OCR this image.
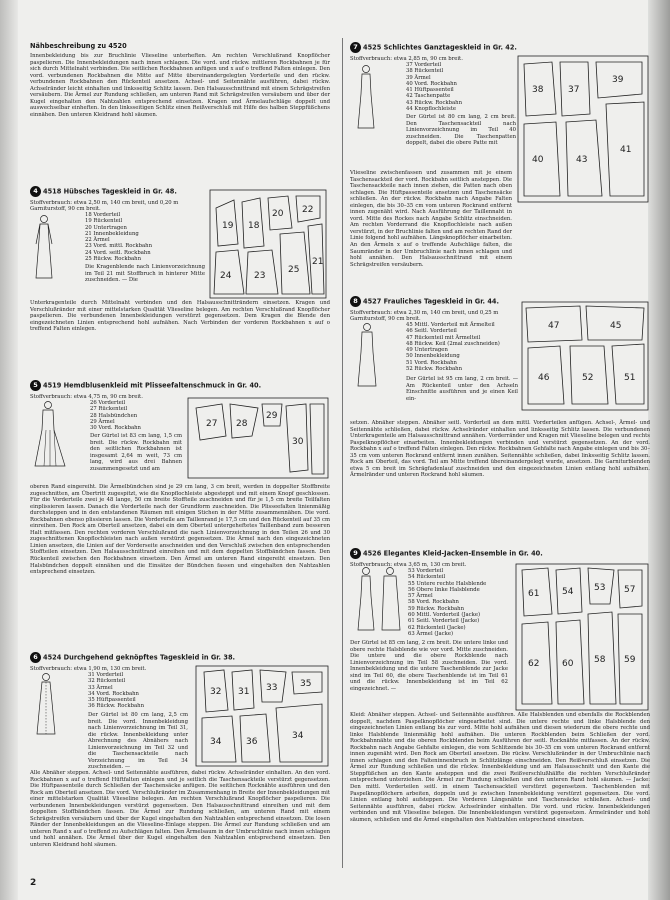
Nähbeschreibung zu 4520

Innenbekleidung bis zur Bruchlinie Vlieseline unterheften. Am rechten Verschlußrand Knopflöcher paspelieren. Die Innenbekleidungen nach innen schlagen. Die vord. und rückw. mittleren Rockbahnen je für sich durch Mittelnaht verbinden. Die seitlichen Rockbahnen anfügen und x auf o treffend Falten einlegen. Den vord. verbundenen Rockbahnen die Mitte auf Mitte übereinandergelegten Vorderteile und den rückw. verbundenen Rockbahnen den Rückenteil ansetzen. Achsel- und Seitennähte ausführen, dabei rückw. Achselränder leicht einhalten und linksseitig Schlitz lassen. Den Halsausschnittrand mit einem Schrägstreifen versäubern. Die Ärmel zur Rundung schließen, am unteren Rand mit Schrägstreifen versäubern und über der Kugel eingehalten den Nahtzahlen entsprechend einsetzen. Kragen und Ärmelaufschläge doppelt und auswechselbar einheften. In den linksseitigen Schlitz einen Reißverschluß mit Hilfe des halben Steppfüßchens einnähen. Den unteren Kleidrand hohl säumen.

4 4518 Hübsches Tageskleid in Gr. 48.

Stoffverbrauch: etwa 2,50 m, 140 cm breit, und 0,20 m Garniturstoff, 90 cm breit.

18 Vorderteil
19 Rückenteil
20 Untertragen
21 Innenbekleidung
22 Ärmel
23 Vord. mittl. Rockbahn
24 Vord. seitl. Rockbahn
25 Rückw. Rockbahn

Die Kragenblende nach Linienvorzeichnung im Teil 21 mit Stoffbruch in hinterer Mitte zuschneiden. — Die

19 18
20 22
24	23
25
21

Unterkragenteile durch Mittelnaht verbinden und den Halsausschnitträndern einsetzen. Kragen und Verschlußränder mit einer mittelstarken Qualität Vlieseline belegen. Am rechten Verschlußrand Knopflöcher paspelieren. Die verbundenen Innenbekleidungen verstürzt gegensetzen. Dem Kragen die Blende den eingezeichneten Linien entsprechend hohl aufnähen. Nach Verbinden der vorderen Rockbahnen x auf o treffend Falten einlegen.

5 4519 Hemdblusenkleid mit Plisseefaltenschmuck in Gr. 40.

Stoffverbrauch: etwa 4,75 m, 90 cm breit.

26 Vorderteil
27 Rückenteil
28 Halsbündchen
29 Ärmel
30 Vord. Rockbahn

Der Gürtel ist 83 cm lang, 1,5 cm breit. Die rückw. Rockbahn mit den seitlichen Rockbahnen ist insgesamt 2,64 m weit, 73 cm lang, wird aus drei Bahnen zusammengesetzt und am

27 28
29
30

oberen Rand eingereiht. Die Ärmelbündchen sind je 29 cm lang, 3 cm breit, werden in doppelter Stoffbreite zugeschnitten, am Übertritt zugespitzt, wie die Knopflochleiste abgesteppt und mit einem Knopf geschlossen. Für die Vorderteile zwei je 48 lange, 50 cm breite Stoffteile zuschneiden und für je 1,5 cm breite Teilfalten einplissieren lassen. Danach die Vorderteile nach der Grundform zuschneiden. Die Plisseefalten linienmäßig durchsteppen und in den entstandenen Räumen mit einigen Stichen in der Mitte zusammennähen. Die vord. Rockbahnen ebenso plissieren lassen. Die Vorderteile am Taillenrand je 17,5 cm und den Rückenteil auf 35 cm einreihen. Den Rock am Oberteil ansetzen, dabei ein dem Oberteil untergeheftetes Taillenband zum besseren Halt mitfassen. Den rechten vorderen Verschlußrand die nach Linienvorzeichnung in den Teilen 26 und 30 zugeschnittenen Knopflochleisten nach außen verstürzt gegensetzen. Die Ärmel nach den eingezeichneten Linien ansetzen, die Linien auf der Vorderseite anschneiden und den Verschluß zwischen den entsprechenden Stoffteilen einsetzen. Den Halsausschnittrand einreihen und mit dem doppelten Stoffbändchen fassen. Den Rückenteil zwischen den Rockbahnen einsetzen. Den Ärmel am unteren Rand eingereiht einsetzen. Den Halsbündchen doppelt einnähen und die Einsätze der Bündchen fassen und eingehalten den Nahtzahlen entsprechend einsetzen.

6 4524 Durchgehend geknöpftes Tageskleid in Gr. 38.

Stoffverbrauch: etwa 1,90 m, 130 cm breit.

31 Vorderteil
32 Rückenteil
33 Ärmel
34 Vord. Rockbahn
35 Hüftpassenteil
36 Rückw. Rockbahn

Der Gürtel ist 80 cm lang, 2,5 cm breit. Die vord. Innenbekleidung nach Linienvorzeichnung im Teil 31, die rückw. Innenbekleidung unter Abrechnung des Abnähers nach Linienvorzeichnung im Teil 32 und die Taschensackteile nach Vorzeichnung im Teil 34 zuschneiden. —

32 31 33	35
34	36
34

Alle Abnäher steppen. Achsel- und Seitennähte ausführen, dabei rückw. Achselränder einhalten. An den vord. Rockbahnen x auf o treffend Hüftfalten einlegen und je seitlich die Taschensackteile verstürzt gegensetzen. Die Hüftpassenteile durch Schließen der Taschensäcke anfügen. Die seitlichen Rocknähte ausführen und den Rock am Oberteil ansetzen. Die vord. Verschlußränder im Zusammenhang in Breite der Innenbekleidungen mit einer mittelstarken Qualität Vlieseline belegen. Am rechten Verschlußrand Knopflöcher paspelieren. Die verbundenen Innenbekleidungen verstürzt gegensetzen. Den Halsausschnittrand einreihen und mit dem doppelten Stoffbändchen fassen. Die Ärmel zur Rundung schließen, am unteren Rand mit einem Schrägstreifen versäubern und über der Kugel eingehalten den Nahtzahlen entsprechend einsetzen. Die losen Ränder der Innenbekleidungen an die Vlieseline-Einlage steppen. Die Ärmel zur Rundung schließen und am unteren Rand x auf o treffend zu Aufschlägen falten. Den Ärmelsaum in der Umbruchlinie nach innen schlagen und hohl annähen. Die Ärmel über der Kugel eingehalten den Nahtzahlen entsprechend einsetzen. Den unteren Kleidrand hohl säumen.

7 4525 Schlichtes Ganztageskleid in Gr. 42.

Stoffverbrauch: etwa 2,85 m, 90 cm breit.

37 Vorderteil
38 Rückenteil
39 Ärmel
40 Vord. Rockbahn
41 Hüftpassenteil
42 Taschenpatte
43 Rückw. Rockbahn
44 Knopflochleiste

Der Gürtel ist 80 cm lang, 2 cm breit. Den Taschensackteil nach Linienvorzeichnung im Teil 40 zuschneiden. Die Taschenpatten doppelt, dabei die obere Patte mit

38	37
39
40	43
41

Vlieseline zwischenfassen und zusammen mit je einem Taschensackteil der vord. Rockbahn seitlich ansteppen. Die Taschensackteile nach innen ziehen, die Patten nach oben schlagen. Die Hüftpassenteile ansetzen und Taschensäcke schließen. An der rückw. Rockbahn nach Angabe Falten einlegen, die bis 30–35 cm vom unteren Rockrand entfernt innen zugenäht wird. Nach Ausführung der Taillennaht in vord. Mitte des Rockes nach Angabe Schlitz einschneiden. Am rechten Vorderrand die Knopflochleiste nach außen verstürzt, in der Bruchlinie falten und am rechten Rand der Linie folgend hohl aufnähen. Längsknopflöcher einarbeiten. An den Ärmeln x auf o treffende Aufschläge falten, die Saumränder in der Umbruchlinie nach innen schlagen und hohl annähen. Den Halsausschnittrand mit einem Schrägstreifen versäubern.

8 4527 Frauliches Tageskleid in Gr. 44.

Stoffverbrauch: etwa 2,30 m, 140 cm breit, und 0,25 m Garniturstoff, 90 cm breit.

45 Mittl. Vorderteil mit Ärmelteil
46 Seitl. Vorderteil
47 Rückenteil mit Ärmelteil
48 Rückw. Keil (2mal zuschneiden)
49 Untertragen
50 Innenbekleidung
51 Vord. Rockbahn
52 Rückw. Rockbahn

Der Gürtel ist 95 cm lang, 2 cm breit. — Am Rückenteil unter den Achseln Einschnitte ausführen und je einen Keil ein-

47	45
46	52	51

setzen. Abnäher steppen. Abnäher seitl. Vorderteil an dem mittl. Vorderteilen anfügen. Achsel-, Ärmel- und Seitennähte schließen, dabei rückw. Achselränder einhalten und linksseitig Schlitz lassen. Die verbundenen Unterkragenteile am Halsausschnittrand annähen. Vorderränder und Kragen mit Vlieseline belegen und rechts Paspelknopflöcher einarbeiten. Innenbekleidungen verbinden und verstürzt gegensetzen. An der vord. Rockbahn x auf o treffend Falten einlegen. Den rückw. Rockbahnen Gehfalte nach Angabe einlegen und bis 30–35 cm vom unteren Rockrand entfernt innen zunähen. Seitennähte schließen, dabei linksseitig Schlitz lassen. Rock am Oberteil, das vord. Teil am Mitte treffend übereinandergelegt wurde, ansetzen. Die Garniturblenden etwa 5 cm breit im Schrägfadenlauf zuschneiden und den eingezeichneten Linien entlang hohl aufnähen. Ärmelränder und unteren Rockrand hohl säumen.

9 4526 Elegantes Kleid-Jacken-Ensemble in Gr. 40.

Stoffverbrauch: etwa 3,65 m, 130 cm breit.

53 Vorderteil
54 Rückenteil
55 Untere rechte Halsblende
56 Obere linke Halsblende
57 Ärmel
58 Vord. Rockbahn
59 Rückw. Rockbahn
60 Mittl. Vorderteil (Jacke)
61 Seitl. Vorderteil (Jacke)
62 Rückenteil (Jacke)
63 Ärmel (Jacke)

Der Gürtel ist 85 cm lang, 2 cm breit. Die untere linke und obere rechte Halsblende wie vor vord. Mitte zuschneiden. Die untere und die obere Rockblende nach Linienvorzeichnung im Teil 58 zuschneiden. Die vord. Innenbekleidung und die untere Taschenblende zur Jacke sind im Teil 60, die obere Taschenblende ist im Teil 61 und die rückw. Innenbekleidung ist im Teil 62 eingezeichnet. —

61	54 53 57
62	60 58 59

Kleid: Abnäher steppen. Achsel- und Seitennähte ausführen. Alle Halsblenden und ebenfalls die Rockblenden doppelt, nachdem Paspelknopflöcher eingearbeitet sind. Die untere rechte und linke Halsblende den eingezeichneten Linien entlang bis zur vord. Mitte hohl aufnähen und diesen wiederum die obere rechte und linke Halsblende linienmäßig hohl aufnähen. Die unteren Rockblenden beim Schließen der vord. Rockbahnnähte und die oberen Rockblenden beim Ausführen der seitl. Rocknähte mitfassen. An der rückw. Rockbahn nach Angabe Gehfalte einlegen, die vom Schlitzende bis 30–35 cm vom unteren Rockrand entfernt innen zugenäht wird. Den Rock am Oberteil ansetzen. Die rückw. Verschlußränder in der Umbruchlinie nach innen schlagen und den Falteninnenbruch in Schlitzlänge einschneiden. Den Reißverschluß einsetzen. Die Ärmel zur Rundung schließen und die rückw. Innenbekleidung und am Halsausschnitt und den Kante die Steppfüßchen an den Kante ansteppen und die zwei Reißverschlußhälfte die rechten Verschlußränder entsprechend unterziehen. Die Ärmel zur Rundung schließen und den unteren Rand hohl säumen. — Jacke: Den mittl. Vorderteilen seitl. in einem Taschensackteil verstürzt gegensetzen. Taschenblenden mit Paspelknopflöchern arbeiten, doppeln und je zwischen Innenbekleidung verstürzt gegensetzen. Die vord. Linien entlang hohl aufsteppen. Die Vorderen Längsnähte und Taschensäcke schließen. Achsel- und Seitennähte ausführen, dabei rückw. Achselränder einhalten. Die vord. und rückw. Innenbekleidungen verbinden und mit Vlieseline belegen. Die Innenbekleidungen verstürzt gegensetzen. Ärmelränder und hohl säumen, schließen und die Ärmel eingehalten den Nahtzahlen entsprechend einsetzen.

2
